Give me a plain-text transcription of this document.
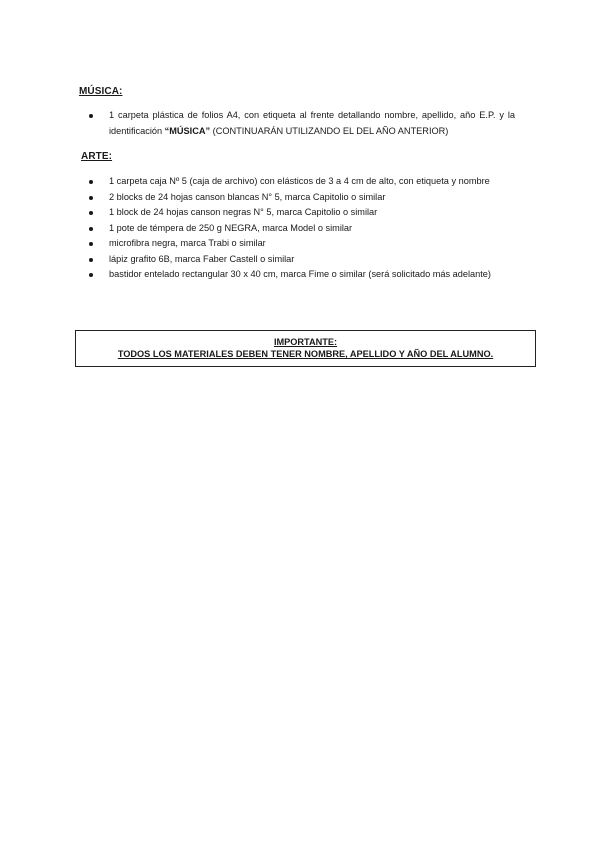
MÚSICA:
1 carpeta plástica de folios A4, con etiqueta al frente detallando nombre, apellido, año E.P. y la identificación “MÚSICA” (CONTINUARÁN UTILIZANDO EL DEL AÑO ANTERIOR)
ARTE:
1 carpeta caja Nº 5 (caja de archivo) con elásticos de 3 a 4 cm de alto, con etiqueta y nombre
2 blocks de 24 hojas canson blancas N° 5, marca Capitolio o similar
1 block de 24 hojas canson negras N° 5, marca Capitolio o similar
1 pote de témpera de 250 g NEGRA, marca Model o similar
microfibra negra, marca Trabi o similar
lápiz grafito 6B, marca Faber Castell o similar
bastidor entelado rectangular 30 x 40 cm, marca Fime o similar (será solicitado más adelante)
IMPORTANTE:
TODOS LOS MATERIALES DEBEN TENER NOMBRE, APELLIDO Y AÑO DEL ALUMNO.
